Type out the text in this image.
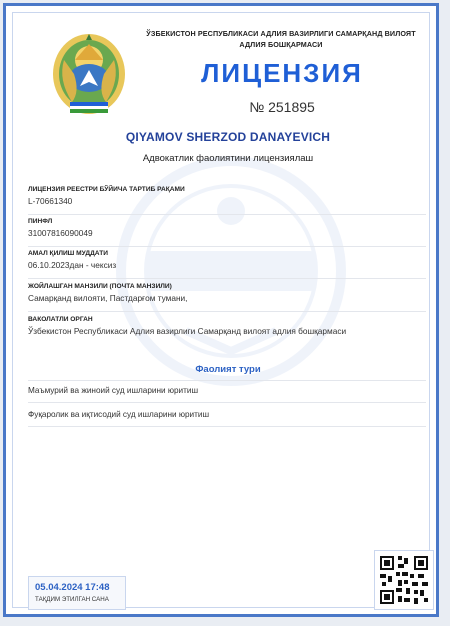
ЎЗБЕКИСТОН РЕСПУБЛИКАСИ АДЛИЯ ВАЗИРЛИГИ САМАРҚАНД ВИЛОЯТ АДЛИЯ БОШҚАРМАСИ
ЛИЦЕНЗИЯ
№ 251895
QIYAMOV SHERZOD DANAYEVICH
Адвокатлик фаолиятини лицензиялаш
ЛИЦЕНЗИЯ РЕЕСТРИ БЎЙИЧА ТАРТИБ РАҚАМИ
L-70661340
ПИНФЛ
31007816090049
АМАЛ ҚИЛИШ МУДДАТИ
06.10.2023дан - чексиз
ЖОЙЛАШГАН МАНЗИЛИ (ПОЧТА МАНЗИЛИ)
Самарқанд вилояти, Пастдарғом тумани,
ВАКОЛАТЛИ ОРГАН
Ўзбекистон Республикаси Адлия вазирлиги Самарқанд вилоят адлия бошқармаси
Фаолият тури
Маъмурий ва жиноий суд ишларини юритиш
Фуқаролик ва иқтисодий суд ишларини юритиш
05.04.2024 17:48
ТАҚДИМ ЭТИЛГАН САНА
